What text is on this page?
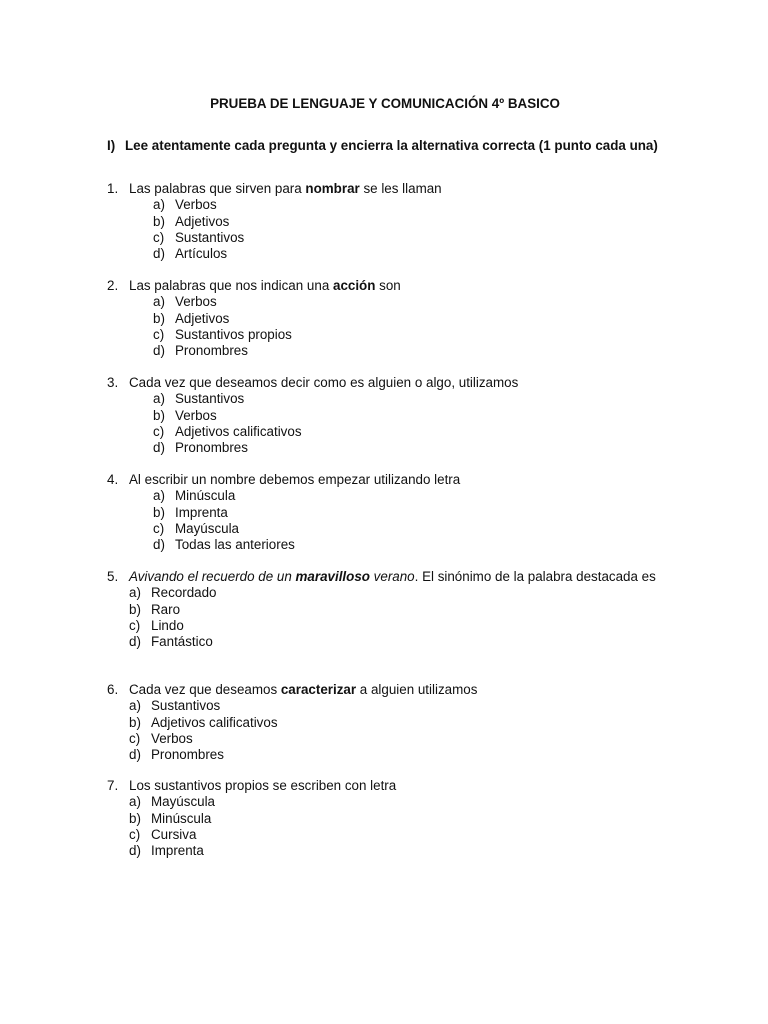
PRUEBA DE LENGUAJE Y COMUNICACIÓN 4º BASICO
I) Lee atentamente cada pregunta y encierra la alternativa correcta (1 punto cada una)
1. Las palabras que sirven para nombrar se les llaman
a) Verbos
b) Adjetivos
c) Sustantivos
d) Artículos
2. Las palabras que nos indican una acción son
a) Verbos
b) Adjetivos
c) Sustantivos propios
d) Pronombres
3. Cada vez que deseamos decir como es alguien o algo, utilizamos
a) Sustantivos
b) Verbos
c) Adjetivos calificativos
d) Pronombres
4. Al escribir un nombre debemos empezar utilizando letra
a) Minúscula
b) Imprenta
c) Mayúscula
d) Todas las anteriores
5. Avivando el recuerdo de un maravilloso verano. El sinónimo de la palabra destacada es
a) Recordado
b) Raro
c) Lindo
d) Fantástico
6. Cada vez que deseamos caracterizar a alguien utilizamos
a) Sustantivos
b) Adjetivos calificativos
c) Verbos
d) Pronombres
7. Los sustantivos propios se escriben con letra
a) Mayúscula
b) Minúscula
c) Cursiva
d) Imprenta
